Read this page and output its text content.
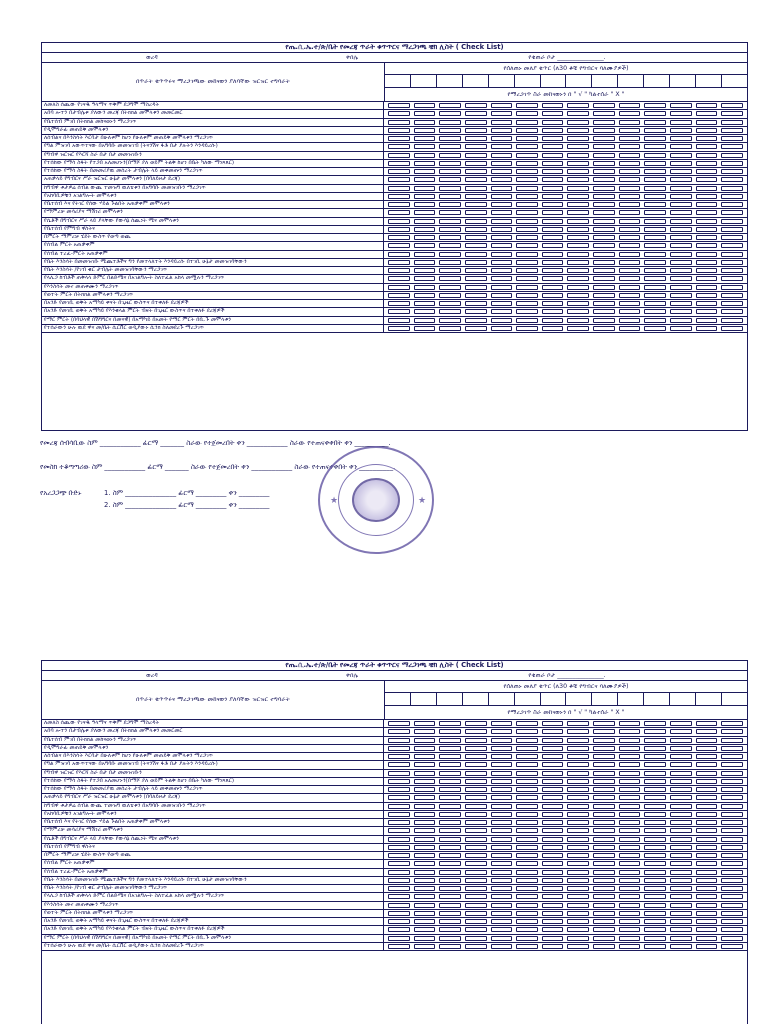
የጤ.ሲ.ኤ.ተ/ጽ/ቤት የመረጃ ጥራት ቁጥጥርና ማረጋገጫ ቼክ ሊስት ( Check List)
ወረዳ	ቀበሌ	የቁጠራ ቦታ _______________.
በጥራት ቁጥጥሩና ማረጋገጫው መከናወን ያለባቸው ዝርዝር ተግባራት
የሰለጠኑ መለያ ቁጥር (ለ30 ቆቹ የግብርና ባለሙያዎች)
የማረጋገጥ ስራ መከናወኑን በ " √ " ካልተሰራ " X "
ለመለስ ሰጪው የገናዱ ዓላማና ጥቅም ደጋግሞ ማስረዳት
አበባ ሎተን በታብሌቱ ያለውን መረጃ በትክክል መሞላቱን መመርመር
የቤተሰብ ምገበ በትክክል መከናወኑን ማረጋገጥ
የዲሞግራፊ መጠይቅ መሞላቱን
ለሰብልና በእንስሳት እርባታ በሁለቱም ከሆነ የሁለቱም መጠይቅ መሞላቱን ማረጋገጥ
የግል ምዝገባ አውጥተናው በአግባቡ መመዝገብ (ትናንሽና ፋቶ በታ ያሉትን እንዳይረሱ)
የግብዋ ዝርዝር የእርሻ ስራ በታ በታ መመዝገቡን
የተሰከው የማሳ ስፋት የተጋበ አለመሆኑን(በማሾ ያለ ወይም ትልቅ ከሆነ በቤት ካለው ማነጻጸር)
የተሰከው የማሳ ስፋት በመመሪያዉ መሰረት ታብሌት ላይ መቀመጡን ማረጋገጥ
አጠቃላይ የግብርና ሥራ ዝርዝር ሁኔታ መሞላቱን (በባለይዞታ ደረጃ)
ከግብዋ ቱታዎሬ ሰብል ውጪ ተመዝግ ዉለቴቱን በአግባቡ መመዝገቡን ማረጋገጥ
የአከባቢዎቹን አገልግሎት መሞላቱን
የቤተሰብ እና የትገር የሰው ሃይል ጉልበት አጠቃቀም መሞላቱን
የማምረቻ መሳሪያና ማሽነሪ መሞላቱን
የሴቶች በግብርና ሥራ ላይ ያላቸው የውሳኔ ሰጪነት ሚና መሞላቱን
የቤተሰብ የምግብ ዋስትና
በምርት ማምረቻ ሂደት ውስጥ የወጣ ወጪ
የሰብል ምርት አጠቃቀም
የሰብል ተረፈ-ምርት አጠቃቀም
የቤት እንስሳት በመመዝገቡ ሚጨተቶችና ግን የመተላለተት እንዳይረሱ በተገቢ ሁኔታ መመዝገባቸውን
የቤት እንስሳት /የገብ ቁር ታብሌት መመዝገባቸውን ማረጋገጥ
የላሊጋ ከብቶች ጠቅላላ ድምር በልድሜና በአገልግሎት ስለተፈል አከላ መሟሉን ማረጋገጥ
የእንስሳት መኖ መጠቀሙን ማረጋገጥ
የወተት ምርት በትክክል መሞላቱን ማረጋገጥ
በአንድ የመገቢ ወቅት አማካይ ቀናት በጊዜር ውስጥና በተቀለፉ ደረጃዎች
በአንድ የመገቢ ወቅት አማካይ የእንቁላል ምርት ብዛት በጊዜር ውስጥና በተቀለፉ ደረጃዎች
የማር ምርት (በባህላዊ በሽግግርና በመናዊ) በአማካይ በአመት የማር ምርት በቢ.ጉ መሞላቱን
የተሰራውን ሁሉ ዉደ ዋና መ/ቤት ሲርቨር ወዲያውኑ ሲንክ ስለመደረጉ ማረጋገጥ
የመረጃ ሰብሳቢው ስም ____________ ፊርማ _______ ስራው የተጀመረበት ቀን ____________ ስራው የተጠናቀቀበት ቀን __________.
የመስክ ተቆጣጣሪው ስም ____________ ፊርማ _______ ስራው የተጀመረበት ቀን ____________ ስራው የተጠናቀቀበት ቀን __________.
የአረጋጋጭ ቡድኑ	1. ስም _______________ ፊርማ _________ ቀን _________
2. ስም _______________ ፊርማ _________ ቀን _________	★	★
የጤ.ሲ.ኤ.ተ/ጽ/ቤት የመረጃ ጥራት ቁጥጥርና ማረጋገጫ ቼክ ሊስት ( Check List)
ወረዳ	ቀበሌ	የቁጠራ ቦታ _______________.
በጥራት ቁጥጥሩና ማረጋገጫው መከናወን ያለባቸው ዝርዝር ተግባራት
የሰለጠኑ መለያ ቁጥር (ለ30 ቆቹ የግብርና ባለሙያዎች)
የማረጋገጥ ስራ መከናወኑን በ " √ " ካልተሰራ " X "
ለመለስ ሰጪው የገናዱ ዓላማና ጥቅም ደጋግሞ ማስረዳት
አበባ ሎተን በታብሌቱ ያለውን መረጃ በትክክል መሞላቱን መመርመር
የቤተሰብ ምገበ በትክክል መከናወኑን ማረጋገጥ
የዲሞግራፊ መጠይቅ መሞላቱን
ለሰብልና በእንስሳት እርባታ በሁለቱም ከሆነ የሁለቱም መጠይቅ መሞላቱን ማረጋገጥ
የግል ምዝገባ አውጥተናው በአግባቡ መመዝገብ (ትናንሽና ፋቶ በታ ያሉትን እንዳይረሱ)
የግብዋ ዝርዝር የእርሻ ስራ በታ በታ መመዝገቡን
የተሰከው የማሳ ስፋት የተጋበ አለመሆኑን(በማሾ ያለ ወይም ትልቅ ከሆነ በቤት ካለው ማነጻጸር)
የተሰከው የማሳ ስፋት በመመሪያዉ መሰረት ታብሌት ላይ መቀመጡን ማረጋገጥ
አጠቃላይ የግብርና ሥራ ዝርዝር ሁኔታ መሞላቱን (በባለይዞታ ደረጃ)
ከግብዋ ቱታዎሬ ሰብል ውጪ ተመዝግ ዉለቴቱን በአግባቡ መመዝገቡን ማረጋገጥ
የአከባቢዎቹን አገልግሎት መሞላቱን
የቤተሰብ እና የትገር የሰው ሃይል ጉልበት አጠቃቀም መሞላቱን
የማምረቻ መሳሪያና ማሽነሪ መሞላቱን
የሴቶች በግብርና ሥራ ላይ ያላቸው የውሳኔ ሰጪነት ሚና መሞላቱን
የቤተሰብ የምግብ ዋስትና
በምርት ማምረቻ ሂደት ውስጥ የወጣ ወጪ
የሰብል ምርት አጠቃቀም
የሰብል ተረፈ-ምርት አጠቃቀም
የቤት እንስሳት በመመዝገቡ ሚጨተቶችና ግን የመተላለተት እንዳይረሱ በተገቢ ሁኔታ መመዝገባቸውን
የቤት እንስሳት /የገብ ቁር ታብሌት መመዝገባቸውን ማረጋገጥ
የላሊጋ ከብቶች ጠቅላላ ድምር በልድሜና በአገልግሎት ስለተፈል አከላ መሟሉን ማረጋገጥ
የእንስሳት መኖ መጠቀሙን ማረጋገጥ
የወተት ምርት በትክክል መሞላቱን ማረጋገጥ
በአንድ የመገቢ ወቅት አማካይ ቀናት በጊዜር ውስጥና በተቀለፉ ደረጃዎች
በአንድ የመገቢ ወቅት አማካይ የእንቁላል ምርት ብዛት በጊዜር ውስጥና በተቀለፉ ደረጃዎች
የማር ምርት (በባህላዊ በሽግግርና በመናዊ) በአማካይ በአመት የማር ምርት በቢ.ጉ መሞላቱን
የተሰራውን ሁሉ ዉደ ዋና መ/ቤት ሲርቨር ወዲያውኑ ሲንክ ስለመደረጉ ማረጋገጥ
